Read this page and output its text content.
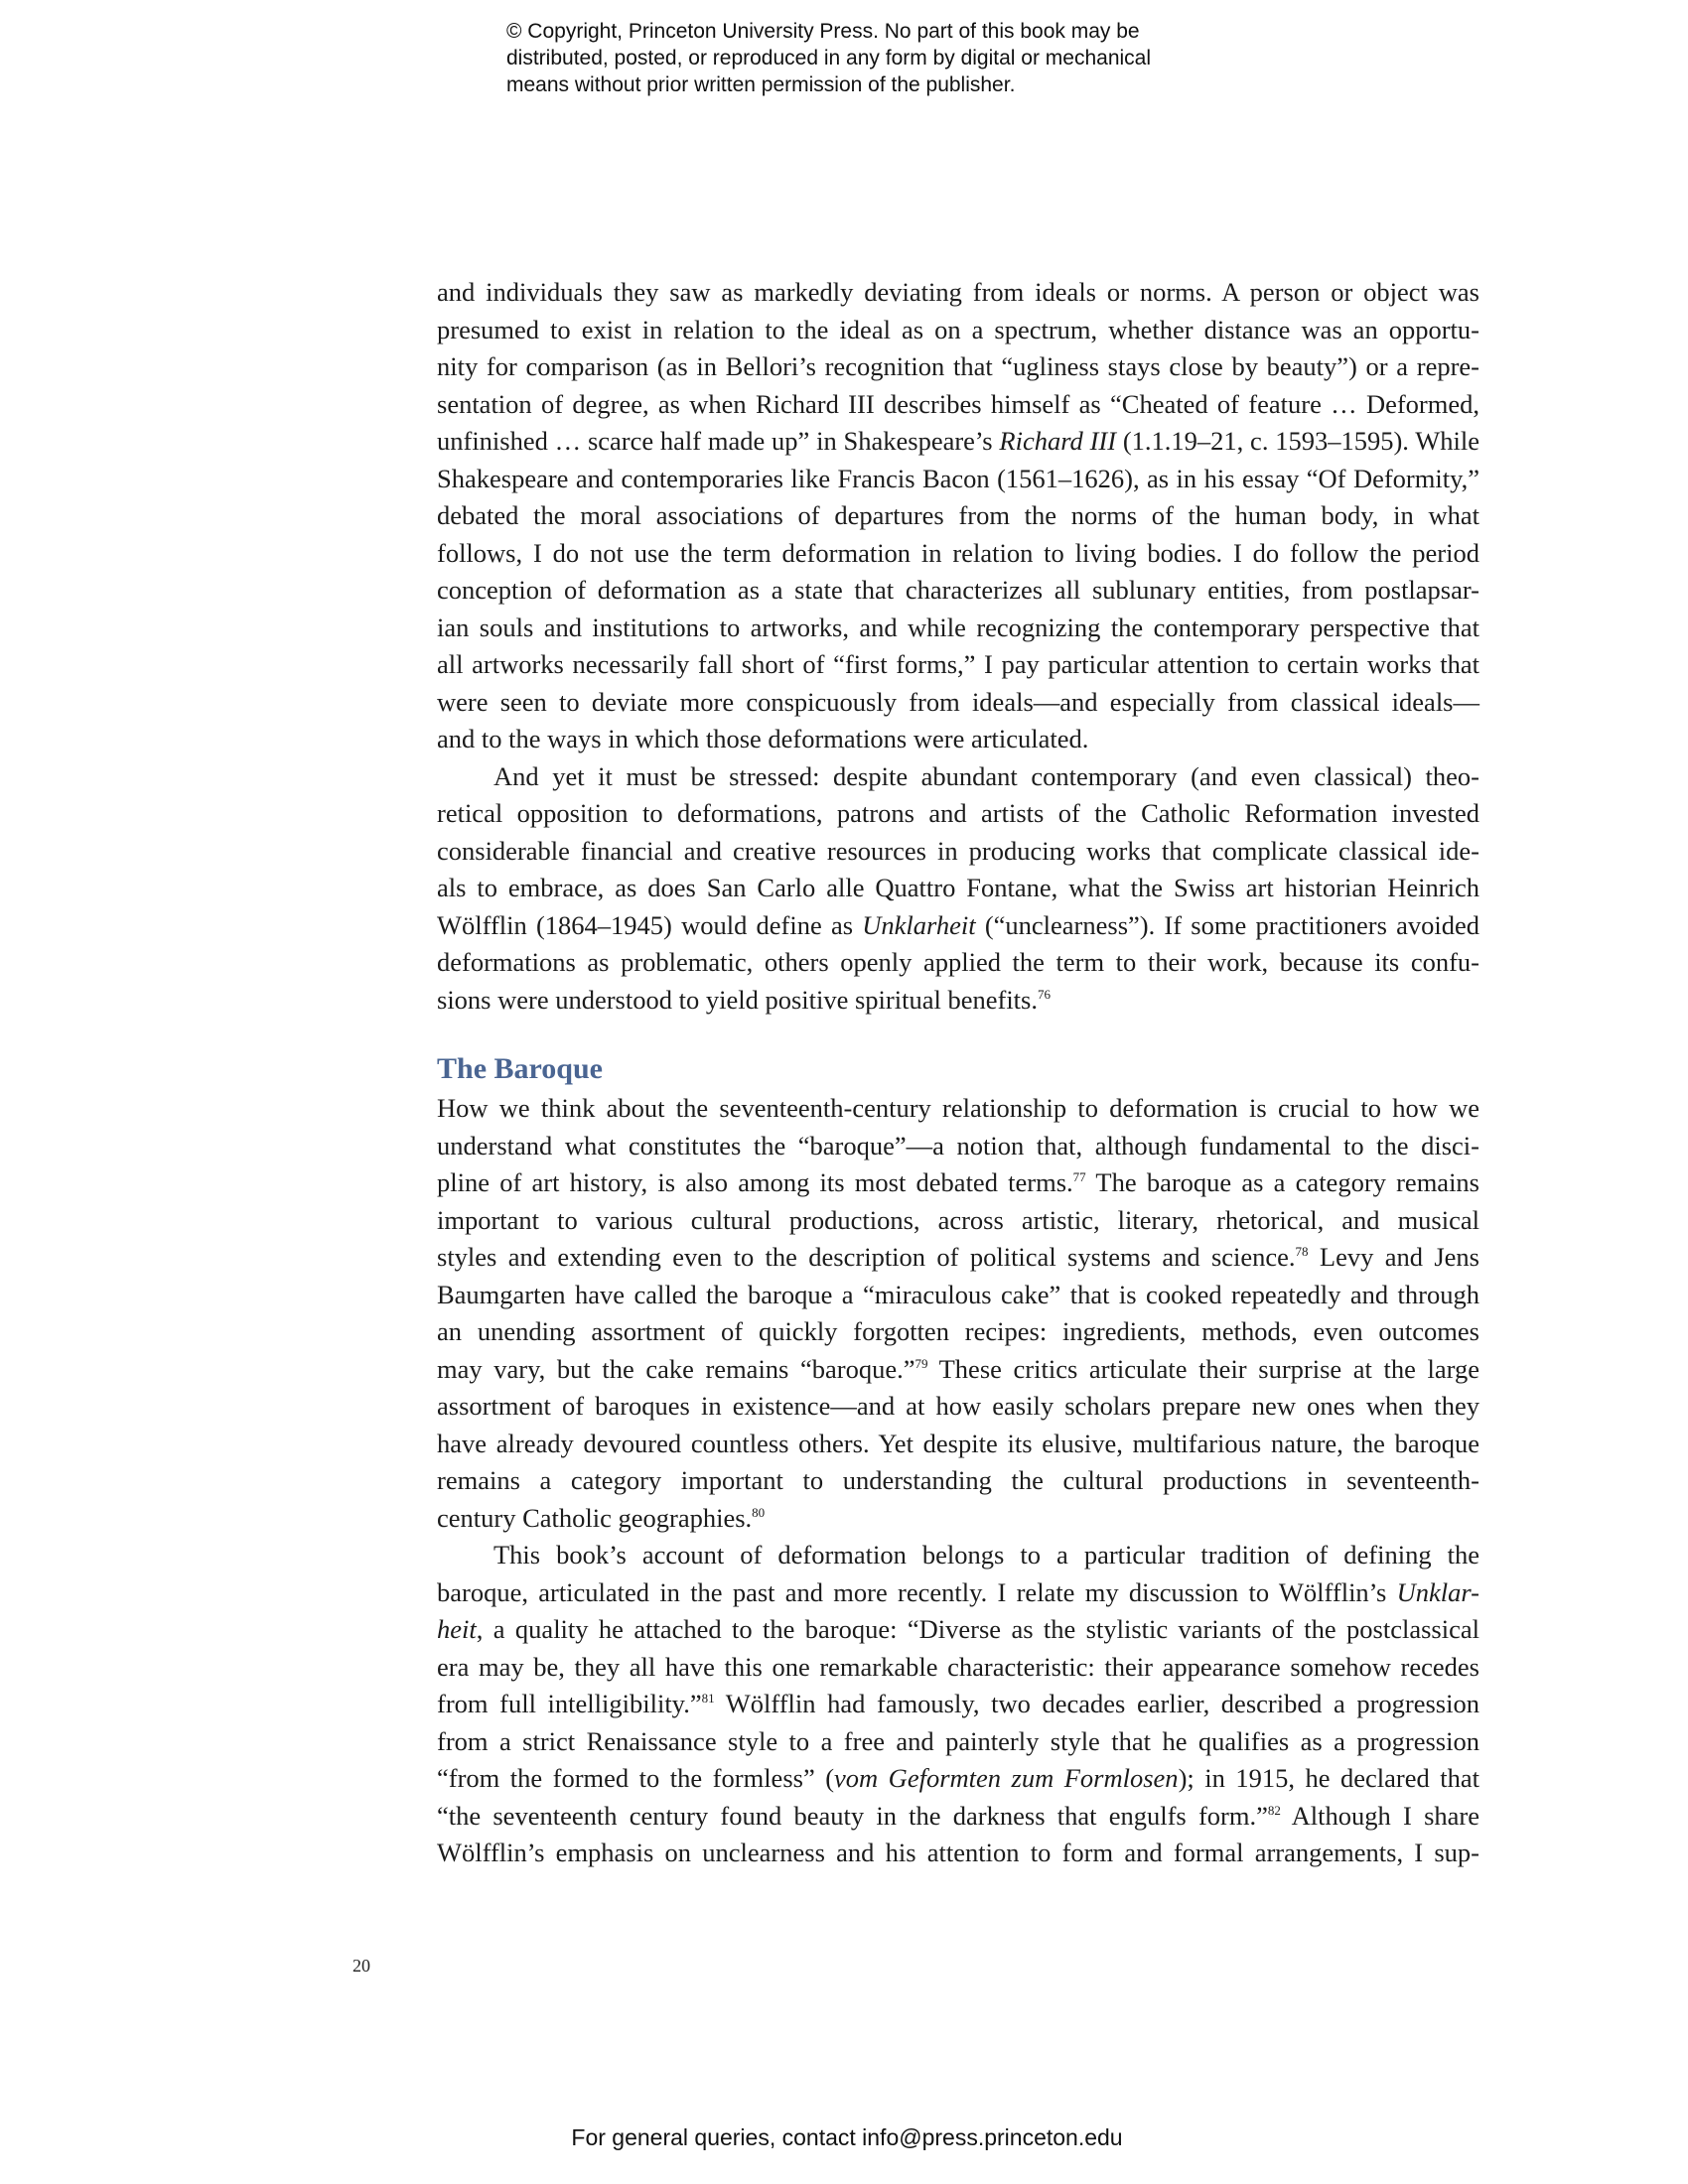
© Copyright, Princeton University Press. No part of this book may be
distributed, posted, or reproduced in any form by digital or mechanical
means without prior written permission of the publisher.
and individuals they saw as markedly deviating from ideals or norms. A person or object was
presumed to exist in relation to the ideal as on a spectrum, whether distance was an opportu-
nity for comparison (as in Bellori’s recognition that “ugliness stays close by beauty”) or a repre-
sentation of degree, as when Richard III describes himself as “Cheated of feature … Deformed,
unfinished … scarce half made up” in Shakespeare’s Richard III (1.1.19–21, c. 1593–1595). While
Shakespeare and contemporaries like Francis Bacon (1561–1626), as in his essay “Of Deformity,”
debated the moral associations of departures from the norms of the human body, in what
follows, I do not use the term deformation in relation to living bodies. I do follow the period
conception of deformation as a state that characterizes all sublunary entities, from postlapsar-
ian souls and institutions to artworks, and while recognizing the contemporary perspective that
all artworks necessarily fall short of “first forms,” I pay particular attention to certain works that
were seen to deviate more conspicuously from ideals—and especially from classical ideals—
and to the ways in which those deformations were articulated.
And yet it must be stressed: despite abundant contemporary (and even classical) theo-
retical opposition to deformations, patrons and artists of the Catholic Reformation invested
considerable financial and creative resources in producing works that complicate classical ide-
als to embrace, as does San Carlo alle Quattro Fontane, what the Swiss art historian Heinrich
Wölfflin (1864–1945) would define as Unklarheit (“unclearness”). If some practitioners avoided
deformations as problematic, others openly applied the term to their work, because its confu-
sions were understood to yield positive spiritual benefits.$^{76}$
The Baroque
How we think about the seventeenth-century relationship to deformation is crucial to how we
understand what constitutes the “baroque”—a notion that, although fundamental to the disci-
pline of art history, is also among its most debated terms.$^{77}$ The baroque as a category remains
important to various cultural productions, across artistic, literary, rhetorical, and musical
styles and extending even to the description of political systems and science.$^{78}$ Levy and Jens
Baumgarten have called the baroque a “miraculous cake” that is cooked repeatedly and through
an unending assortment of quickly forgotten recipes: ingredients, methods, even outcomes
may vary, but the cake remains “baroque.”$^{79}$ These critics articulate their surprise at the large
assortment of baroques in existence—and at how easily scholars prepare new ones when they
have already devoured countless others. Yet despite its elusive, multifarious nature, the baroque
remains a category important to understanding the cultural productions in seventeenth-
century Catholic geographies.$^{80}$
This book’s account of deformation belongs to a particular tradition of defining the
baroque, articulated in the past and more recently. I relate my discussion to Wölfflin’s Unklar-
heit, a quality he attached to the baroque: “Diverse as the stylistic variants of the postclassical
era may be, they all have this one remarkable characteristic: their appearance somehow recedes
from full intelligibility.”$^{81}$ Wölfflin had famously, two decades earlier, described a progression
from a strict Renaissance style to a free and painterly style that he qualifies as a progression
“from the formed to the formless” (vom Geformten zum Formlosen); in 1915, he declared that
“the seventeenth century found beauty in the darkness that engulfs form.”$^{82}$ Although I share
Wölfflin’s emphasis on unclearness and his attention to form and formal arrangements, I sup-
20
For general queries, contact info@press.princeton.edu
